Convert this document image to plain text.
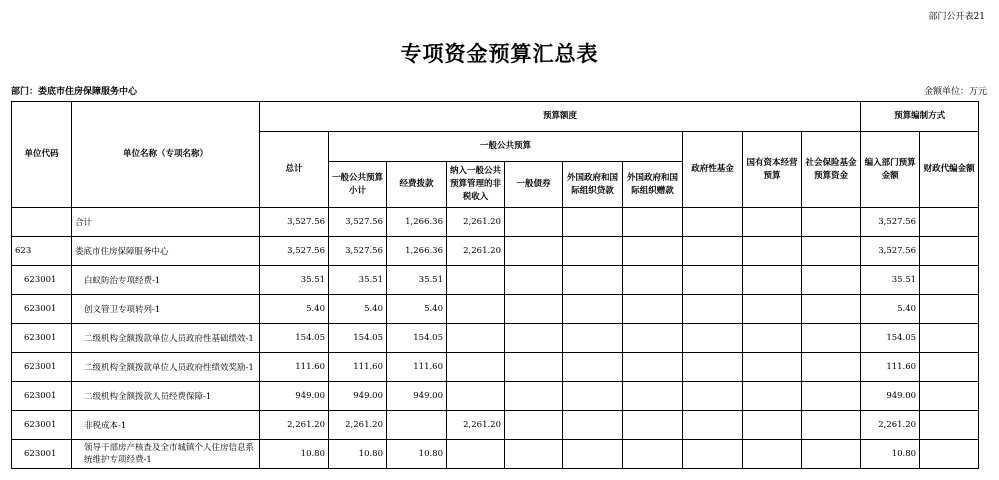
部门公开表21
专项资金预算汇总表
部门：娄底市住房保障服务中心	金额单位：万元
单位代码	单位名称（专项名称）	预算额度										预算编制方式	
		总计	一般公共预算						政府性基金	国有资本经营预算	社会保险基金预算资金	编入部门预算金额	财政代编金额
			一般公共预算小计	经费拨款	纳入一般公共预算管理的非税收入	一般债券	外国政府和国际组织贷款	外国政府和国际组织赠款					
	合计	3,527.56	3,527.56	1,266.36	2,261.20							3,527.56	
623	娄底市住房保障服务中心	3,527.56	3,527.56	1,266.36	2,261.20							3,527.56	
623001	白蚁防治专项经费-1	35.51	35.51	35.51								35.51	
623001	创文管卫专项转列-1	5.40	5.40	5.40								5.40	
623001	二级机构全额拨款单位人员政府性基础绩效-1	154.05	154.05	154.05								154.05	
623001	二级机构全额拨款单位人员政府性绩效奖励-1	111.60	111.60	111.60								111.60	
623001	二级机构全额拨款人员经费保障-1	949.00	949.00	949.00								949.00	
623001	非税成本-1	2,261.20	2,261.20		2,261.20							2,261.20	
623001	领导干部房产核查及全市城镇个人住房信息系统维护专项经费-1	10.80	10.80	10.80								10.80	
